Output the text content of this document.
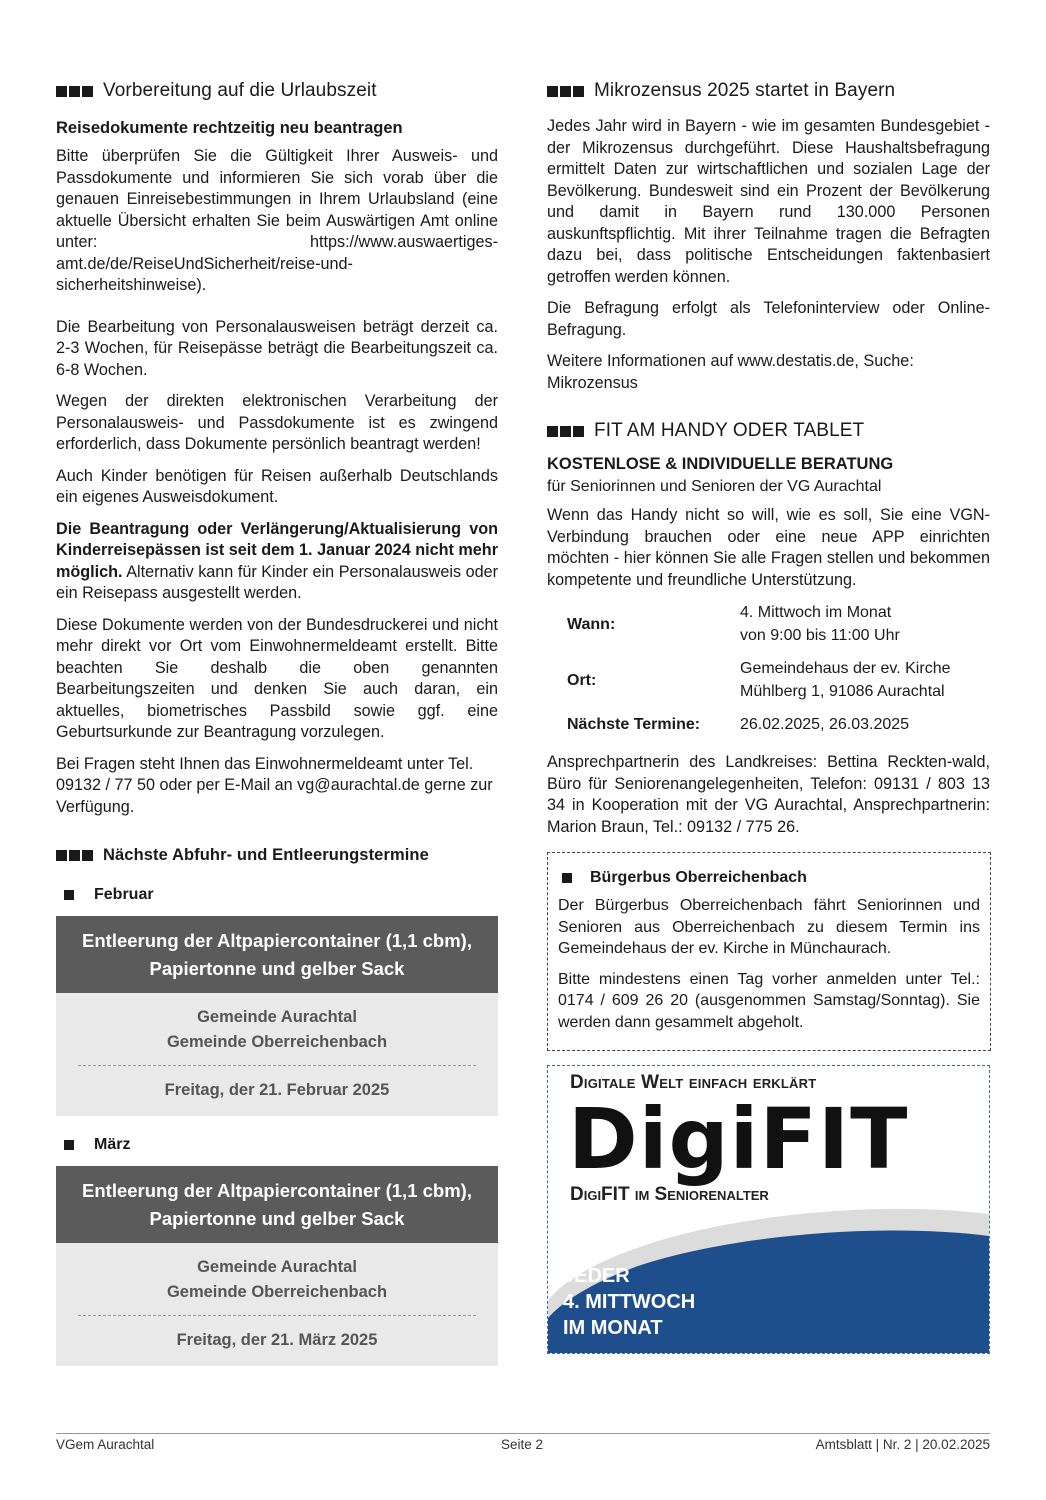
Vorbereitung auf die Urlaubszeit
Reisedokumente rechtzeitig neu beantragen

Bitte überprüfen Sie die Gültigkeit Ihrer Ausweis- und Passdokumente und informieren Sie sich vorab über die genauen Einreisebestimmungen in Ihrem Urlaubsland (eine aktuelle Übersicht erhalten Sie beim Auswärtigen Amt online unter: https://www.auswaertiges-amt.de/de/ReiseUndSicherheit/reise-und-sicherheitshinweise).

Die Bearbeitung von Personalausweisen beträgt derzeit ca. 2-3 Wochen, für Reisepässe beträgt die Bearbeitungszeit ca. 6-8 Wochen.

Wegen der direkten elektronischen Verarbeitung der Personalausweis- und Passdokumente ist es zwingend erforderlich, dass Dokumente persönlich beantragt werden!

Auch Kinder benötigen für Reisen außerhalb Deutschlands ein eigenes Ausweisdokument.

Die Beantragung oder Verlängerung/Aktualisierung von Kinderreisepässen ist seit dem 1. Januar 2024 nicht mehr möglich. Alternativ kann für Kinder ein Personalausweis oder ein Reisepass ausgestellt werden.

Diese Dokumente werden von der Bundesdruckerei und nicht mehr direkt vor Ort vom Einwohnermeldeamt erstellt. Bitte beachten Sie deshalb die oben genannten Bearbeitungszeiten und denken Sie auch daran, ein aktuelles, biometrisches Passbild sowie ggf. eine Geburtsurkunde zur Beantragung vorzulegen.

Bei Fragen steht Ihnen das Einwohnermeldeamt unter Tel. 09132 / 77 50 oder per E-Mail an vg@aurachtal.de gerne zur Verfügung.

Nächste Abfuhr- und Entleerungstermine
Februar
Entleerung der Altpapiercontainer (1,1 cbm), Papiertonne und gelber Sack
Gemeinde Aurachtal
Gemeinde Oberreichenbach
Freitag, der 21. Februar 2025
März
Entleerung der Altpapiercontainer (1,1 cbm), Papiertonne und gelber Sack
Gemeinde Aurachtal
Gemeinde Oberreichenbach
Freitag, der 21. März 2025
Mikrozensus 2025 startet in Bayern

Jedes Jahr wird in Bayern - wie im gesamten Bundesgebiet - der Mikrozensus durchgeführt. Diese Haushaltsbefragung ermittelt Daten zur wirtschaftlichen und sozialen Lage der Bevölkerung. Bundesweit sind ein Prozent der Bevölkerung und damit in Bayern rund 130.000 Personen auskunftspflichtig. Mit ihrer Teilnahme tragen die Befragten dazu bei, dass politische Entscheidungen faktenbasiert getroffen werden können.

Die Befragung erfolgt als Telefoninterview oder Online-Befragung.

Weitere Informationen auf www.destatis.de, Suche: Mikrozensus

FIT AM HANDY ODER TABLET
KOSTENLOSE & INDIVIDUELLE BERATUNG
für Seniorinnen und Senioren der VG Aurachtal

Wenn das Handy nicht so will, wie es soll, Sie eine VGN-Verbindung brauchen oder eine neue APP einrichten möchten - hier können Sie alle Fragen stellen und bekommen kompetente und freundliche Unterstützung.

Wann:	4. Mittwoch im Monat
von 9:00 bis 11:00 Uhr

Ort:	Gemeindehaus der ev. Kirche
Mühlberg 1, 91086 Aurachtal

Nächste Termine:	26.02.2025, 26.03.2025

Ansprechpartnerin des Landkreises: Bettina Reckten-wald, Büro für Seniorenangelegenheiten, Telefon: 09131 / 803 13 34 in Kooperation mit der VG Aurachtal, Ansprechpartnerin: Marion Braun, Tel.: 09132 / 775 26.

Bürgerbus Oberreichenbach

Der Bürgerbus Oberreichenbach fährt Seniorinnen und Senioren aus Oberreichenbach zu diesem Termin ins Gemeindehaus der ev. Kirche in Münchaurach.

Bitte mindestens einen Tag vorher anmelden unter Tel.: 0174 / 609 26 20 (ausgenommen Samstag/Sonntag). Sie werden dann gesammelt abgeholt.

Digitale Welt einfach erklärt
DigiFIT
DigiFIT im Seniorenalter
JEDER
4. MITTWOCH
IM MONAT
VGem Aurachtal	Seite 2	Amtsblatt | Nr. 2 | 20.02.2025
